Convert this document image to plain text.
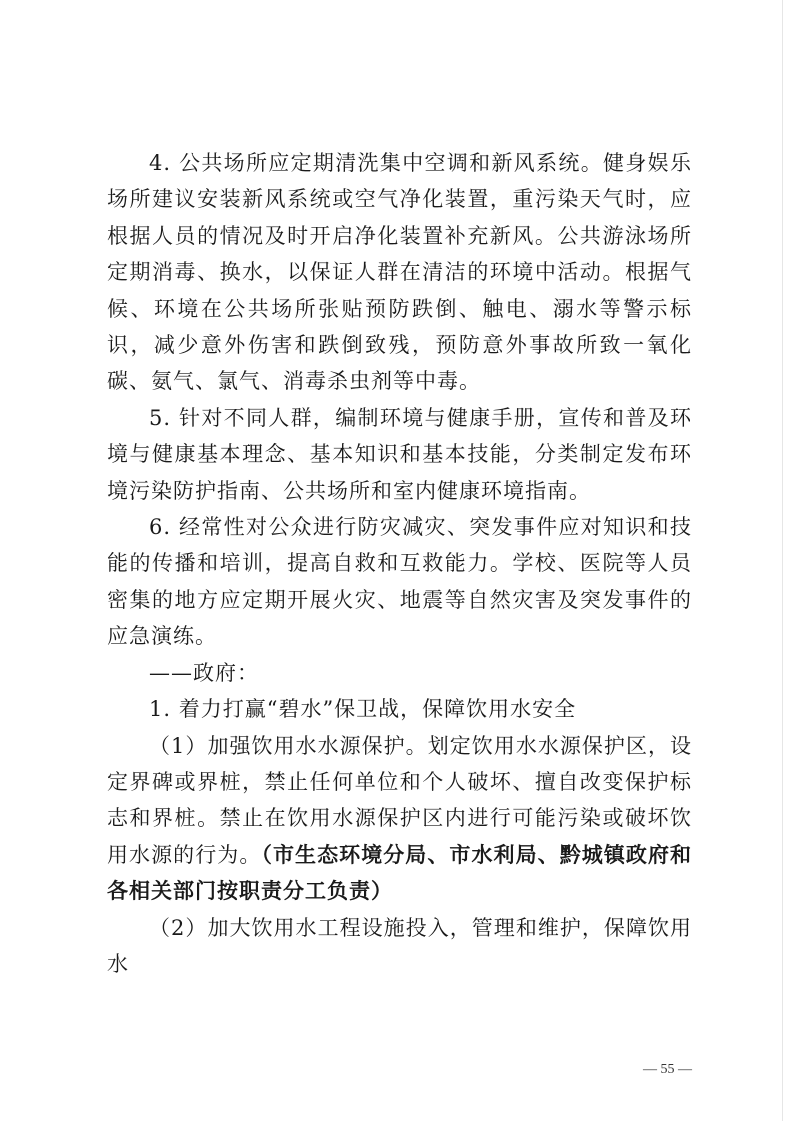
4. 公共场所应定期清洗集中空调和新风系统。健身娱乐场所建议安装新风系统或空气净化装置，重污染天气时，应根据人员的情况及时开启净化装置补充新风。公共游泳场所定期消毒、换水，以保证人群在清洁的环境中活动。根据气候、环境在公共场所张贴预防跌倒、触电、溺水等警示标识，减少意外伤害和跌倒致残，预防意外事故所致一氧化碳、氨气、氯气、消毒杀虫剂等中毒。

5. 针对不同人群，编制环境与健康手册，宣传和普及环境与健康基本理念、基本知识和基本技能，分类制定发布环境污染防护指南、公共场所和室内健康环境指南。

6. 经常性对公众进行防灾减灾、突发事件应对知识和技能的传播和培训，提高自救和互救能力。学校、医院等人员密集的地方应定期开展火灾、地震等自然灾害及突发事件的应急演练。

——政府：

1. 着力打赢“碧水”保卫战，保障饮用水安全

（1）加强饮用水水源保护。划定饮用水水源保护区，设定界碑或界桩，禁止任何单位和个人破坏、擅自改变保护标志和界桩。禁止在饮用水源保护区内进行可能污染或破坏饮用水源的行为。（市生态环境分局、市水利局、黔城镇政府和各相关部门按职责分工负责）

（2）加大饮用水工程设施投入，管理和维护，保障饮用水

— 55 —
